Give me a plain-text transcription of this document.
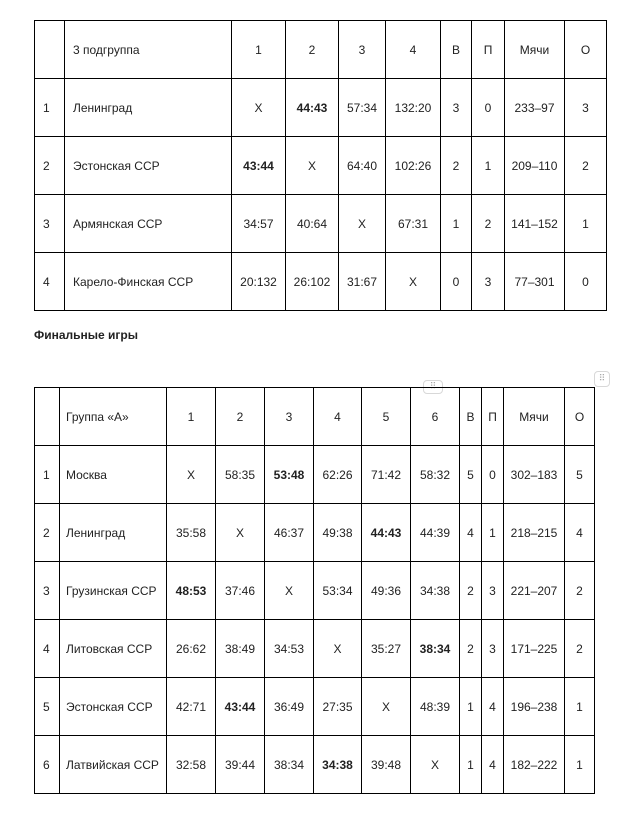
	3 подгруппа	1	2	3	4	В	П	Мячи	О
1	Ленинград	X	44:43	57:34	132:20	3	0	233–97	3
2	Эстонская ССР	43:44	X	64:40	102:26	2	1	209–110	2
3	Армянская ССР	34:57	40:64	X	67:31	1	2	141–152	1
4	Карело-Финская ССР	20:132	26:102	31:67	X	0	3	77–301	0
Финальные игры
⠿
⠿
	Группа «А»	1	2	3	4	5	6	В	П	Мячи	О
1	Москва	X	58:35	53:48	62:26	71:42	58:32	5	0	302–183	5
2	Ленинград	35:58	X	46:37	49:38	44:43	44:39	4	1	218–215	4
3	Грузинская ССР	48:53	37:46	X	53:34	49:36	34:38	2	3	221–207	2
4	Литовская ССР	26:62	38:49	34:53	X	35:27	38:34	2	3	171–225	2
5	Эстонская ССР	42:71	43:44	36:49	27:35	X	48:39	1	4	196–238	1
6	Латвийская ССР	32:58	39:44	38:34	34:38	39:48	X	1	4	182–222	1
